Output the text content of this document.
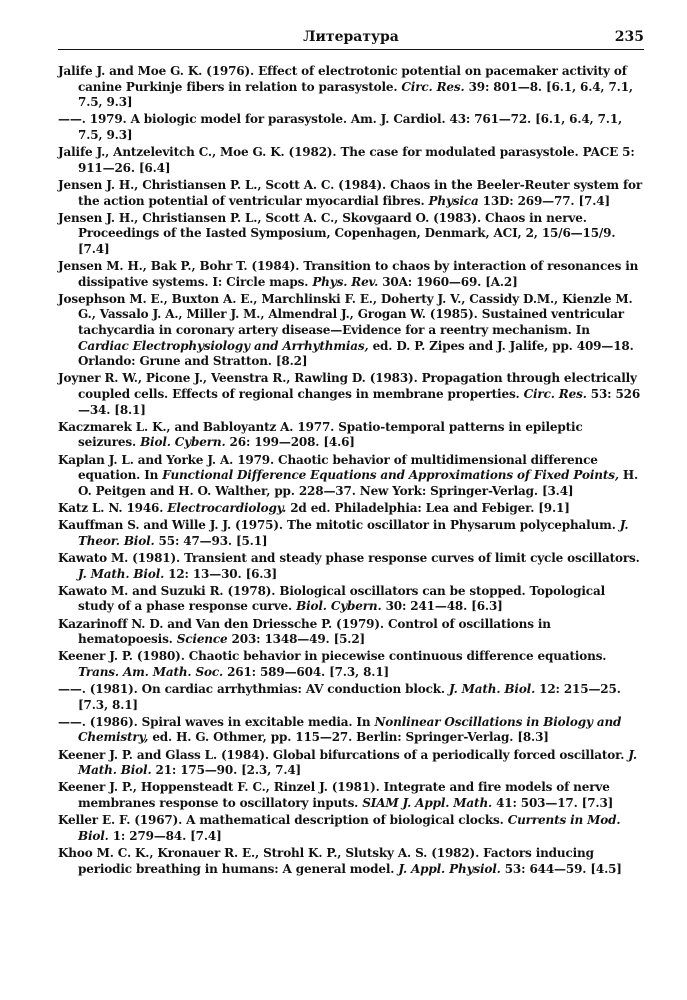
Литература	235
Jalife J. and Moe G. K. (1976). Effect of electrotonic potential on pacemaker activity of canine Purkinje fibers in relation to parasystole. Circ. Res. 39: 801—8. [6.1, 6.4, 7.1, 7.5, 9.3]
——. 1979. A biologic model for parasystole. Am. J. Cardiol. 43: 761—72. [6.1, 6.4, 7.1, 7.5, 9.3]
Jalife J., Antzelevitch C., Moe G. K. (1982). The case for modulated parasystole. PACE 5: 911—26. [6.4]
Jensen J. H., Christiansen P. L., Scott A. C. (1984). Chaos in the Beeler-Reuter system for the action potential of ventricular myocardial fibres. Physica 13D: 269—77. [7.4]
Jensen J. H., Christiansen P. L., Scott A. C., Skovgaard O. (1983). Chaos in nerve. Proceedings of the Iasted Symposium, Copenhagen, Denmark, ACI, 2, 15/6—15/9. [7.4]
Jensen M. H., Bak P., Bohr T. (1984). Transition to chaos by interaction of resonances in dissipative systems. I: Circle maps. Phys. Rev. 30A: 1960—69. [A.2]
Josephson M. E., Buxton A. E., Marchlinski F. E., Doherty J. V., Cassidy D.M., Kienzle M. G., Vassalo J. A., Miller J. M., Almendral J., Grogan W. (1985). Sustained ventricular tachycardia in coronary artery disease—Evidence for a reentry mechanism. In Cardiac Electrophysiology and Arrhythmias, ed. D. P. Zipes and J. Jalife, pp. 409—18. Orlando: Grune and Stratton. [8.2]
Joyner R. W., Picone J., Veenstra R., Rawling D. (1983). Propagation through electrically coupled cells. Effects of regional changes in membrane properties. Circ. Res. 53: 526—34. [8.1]
Kaczmarek L. K., and Babloyantz A. 1977. Spatio-temporal patterns in epileptic seizures. Biol. Cybern. 26: 199—208. [4.6]
Kaplan J. L. and Yorke J. A. 1979. Chaotic behavior of multidimensional difference equation. In Functional Difference Equations and Approximations of Fixed Points, H. O. Peitgen and H. O. Walther, pp. 228—37. New York: Springer-Verlag. [3.4]
Katz L. N. 1946. Electrocardiology. 2d ed. Philadelphia: Lea and Febiger. [9.1]
Kauffman S. and Wille J. J. (1975). The mitotic oscillator in Physarum polycephalum. J. Theor. Biol. 55: 47—93. [5.1]
Kawato M. (1981). Transient and steady phase response curves of limit cycle oscillators. J. Math. Biol. 12: 13—30. [6.3]
Kawato M. and Suzuki R. (1978). Biological oscillators can be stopped. Topological study of a phase response curve. Biol. Cybern. 30: 241—48. [6.3]
Kazarinoff N. D. and Van den Driessche P. (1979). Control of oscillations in hematopoesis. Science 203: 1348—49. [5.2]
Keener J. P. (1980). Chaotic behavior in piecewise continuous difference equations. Trans. Am. Math. Soc. 261: 589—604. [7.3, 8.1]
——. (1981). On cardiac arrhythmias: AV conduction block. J. Math. Biol. 12: 215—25. [7.3, 8.1]
——. (1986). Spiral waves in excitable media. In Nonlinear Oscillations in Biology and Chemistry, ed. H. G. Othmer, pp. 115—27. Berlin: Springer-Verlag. [8.3]
Keener J. P. and Glass L. (1984). Global bifurcations of a periodically forced oscillator. J. Math. Biol. 21: 175—90. [2.3, 7.4]
Keener J. P., Hoppensteadt F. C., Rinzel J. (1981). Integrate and fire models of nerve membranes response to oscillatory inputs. SIAM J. Appl. Math. 41: 503—17. [7.3]
Keller E. F. (1967). A mathematical description of biological clocks. Currents in Mod. Biol. 1: 279—84. [7.4]
Khoo M. C. K., Kronauer R. E., Strohl K. P., Slutsky A. S. (1982). Factors inducing periodic breathing in humans: A general model. J. Appl. Physiol. 53: 644—59. [4.5]
